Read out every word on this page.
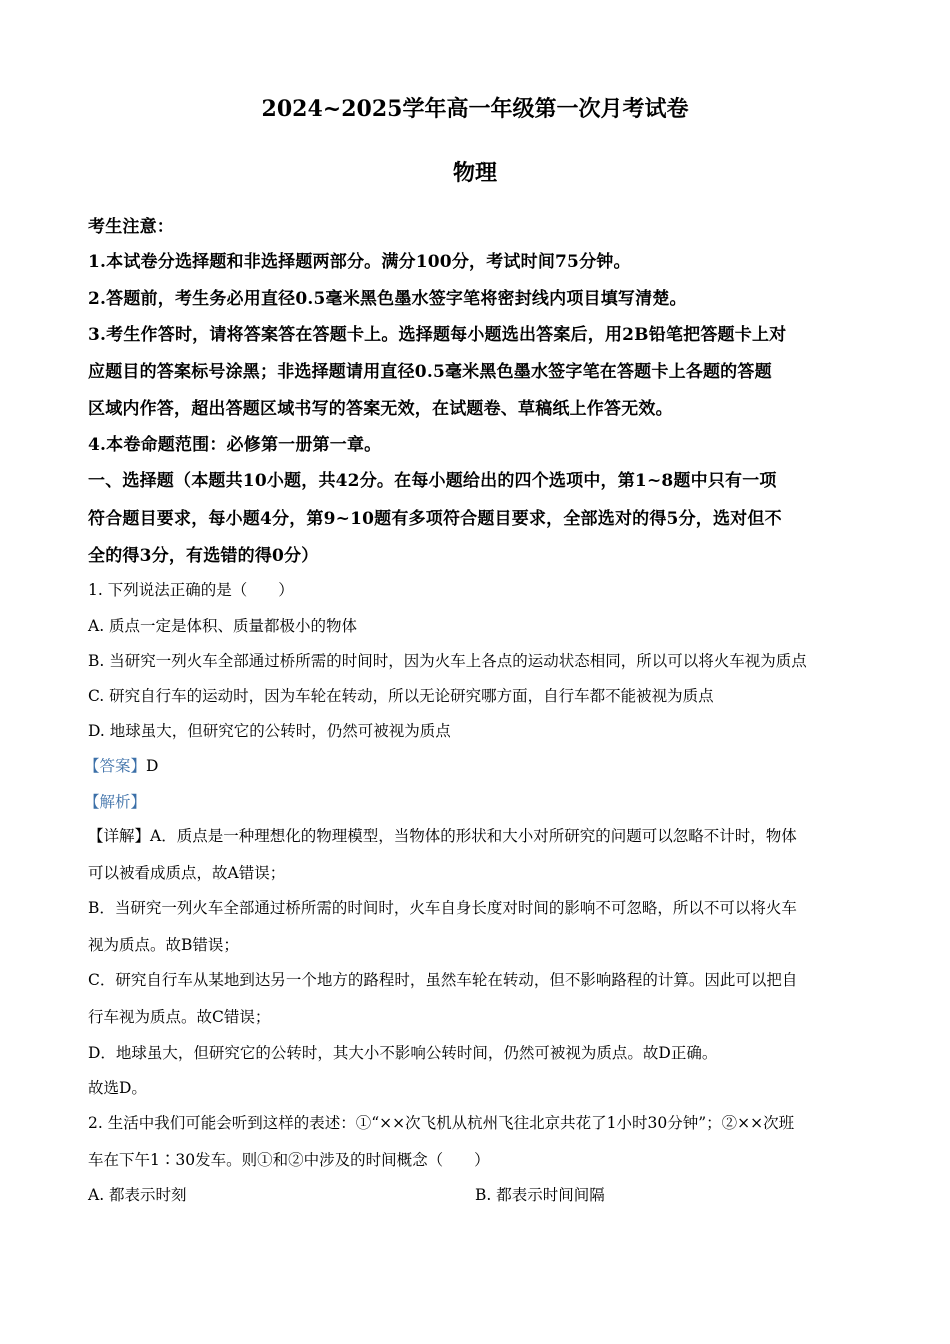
2024~2025学年高一年级第一次月考试卷
物理
考生注意：
1.本试卷分选择题和非选择题两部分。满分100分，考试时间75分钟。
2.答题前，考生务必用直径0.5毫米黑色墨水签字笔将密封线内项目填写清楚。
3.考生作答时，请将答案答在答题卡上。选择题每小题选出答案后，用2B铅笔把答题卡上对
应题目的答案标号涂黑；非选择题请用直径0.5毫米黑色墨水签字笔在答题卡上各题的答题
区域内作答，超出答题区域书写的答案无效，在试题卷、草稿纸上作答无效。
4.本卷命题范围：必修第一册第一章。
一、选择题（本题共10小题，共42分。在每小题给出的四个选项中，第1~8题中只有一项
符合题目要求，每小题4分，第9~10题有多项符合题目要求，全部选对的得5分，选对但不
全的得3分，有选错的得0分）
1. 下列说法正确的是（　　）
A. 质点一定是体积、质量都极小的物体
B. 当研究一列火车全部通过桥所需的时间时，因为火车上各点的运动状态相同，所以可以将火车视为质点
C. 研究自行车的运动时，因为车轮在转动，所以无论研究哪方面，自行车都不能被视为质点
D. 地球虽大，但研究它的公转时，仍然可被视为质点
【答案】D
【解析】
【详解】A．质点是一种理想化的物理模型，当物体的形状和大小对所研究的问题可以忽略不计时，物体
可以被看成质点，故A错误；
B．当研究一列火车全部通过桥所需的时间时，火车自身长度对时间的影响不可忽略，所以不可以将火车
视为质点。故B错误；
C．研究自行车从某地到达另一个地方的路程时，虽然车轮在转动，但不影响路程的计算。因此可以把自
行车视为质点。故C错误；
D．地球虽大，但研究它的公转时，其大小不影响公转时间，仍然可被视为质点。故D正确。
故选D。
2. 生活中我们可能会听到这样的表述：①“××次飞机从杭州飞往北京共花了1小时30分钟”；②××次班
车在下午1∶30发车。则①和②中涉及的时间概念（　　）
A. 都表示时刻	B. 都表示时间间隔
